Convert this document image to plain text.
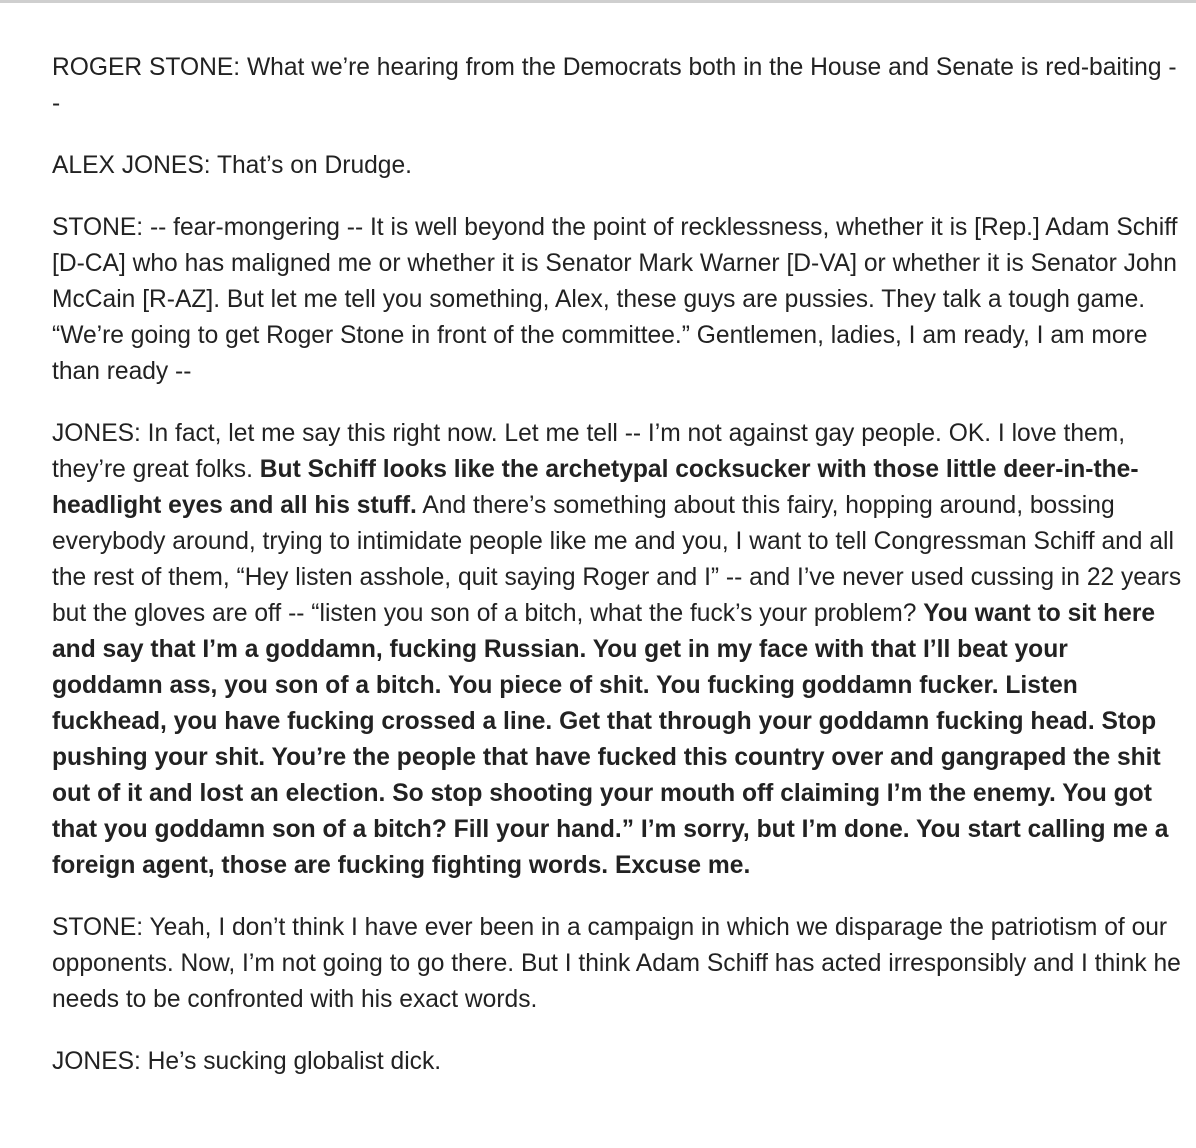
ROGER STONE: What we’re hearing from the Democrats both in the House and Senate is red-baiting --

ALEX JONES: That’s on Drudge.

STONE: -- fear-mongering -- It is well beyond the point of recklessness, whether it is [Rep.] Adam Schiff [D-CA] who has maligned me or whether it is Senator Mark Warner [D-VA] or whether it is Senator John McCain [R-AZ]. But let me tell you something, Alex, these guys are pussies. They talk a tough game. “We’re going to get Roger Stone in front of the committee.” Gentlemen, ladies, I am ready, I am more than ready --

JONES: In fact, let me say this right now. Let me tell -- I’m not against gay people. OK. I love them, they’re great folks. But Schiff looks like the archetypal cocksucker with those little deer-in-the-headlight eyes and all his stuff. And there’s something about this fairy, hopping around, bossing everybody around, trying to intimidate people like me and you, I want to tell Congressman Schiff and all the rest of them, “Hey listen asshole, quit saying Roger and I” -- and I’ve never used cussing in 22 years but the gloves are off -- “listen you son of a bitch, what the fuck’s your problem? You want to sit here and say that I’m a goddamn, fucking Russian. You get in my face with that I’ll beat your goddamn ass, you son of a bitch. You piece of shit. You fucking goddamn fucker. Listen fuckhead, you have fucking crossed a line. Get that through your goddamn fucking head. Stop pushing your shit. You’re the people that have fucked this country over and gangraped the shit out of it and lost an election. So stop shooting your mouth off claiming I’m the enemy. You got that you goddamn son of a bitch? Fill your hand.” I’m sorry, but I’m done. You start calling me a foreign agent, those are fucking fighting words. Excuse me.

STONE: Yeah, I don’t think I have ever been in a campaign in which we disparage the patriotism of our opponents. Now, I’m not going to go there. But I think Adam Schiff has acted irresponsibly and I think he needs to be confronted with his exact words.

JONES: He’s sucking globalist dick.
